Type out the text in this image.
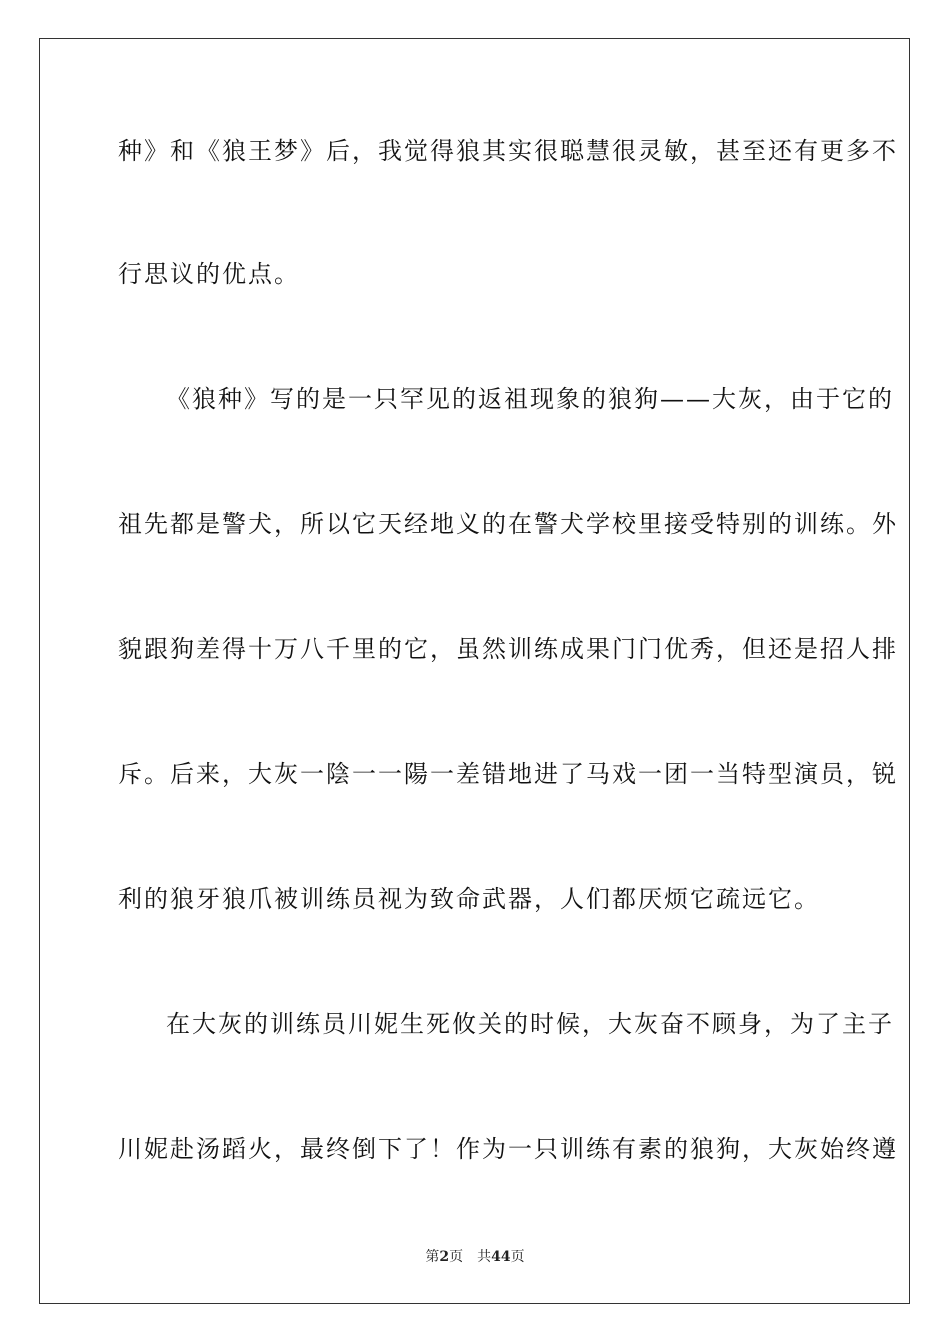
种》和《狼王梦》后，我觉得狼其实很聪慧很灵敏，甚至还有更多不
行思议的优点。
《狼种》写的是一只罕见的返祖现象的狼狗——大灰，由于它的
祖先都是警犬，所以它天经地义的在警犬学校里接受特别的训练。外
貌跟狗差得十万八千里的它，虽然训练成果门门优秀，但还是招人排
斥。后来，大灰一陰一一陽一差错地进了马戏一团一当特型演员，锐
利的狼牙狼爪被训练员视为致命武器，人们都厌烦它疏远它。
在大灰的训练员川妮生死攸关的时候，大灰奋不顾身，为了主子
川妮赴汤蹈火，最终倒下了！作为一只训练有素的狼狗，大灰始终遵
第2页 共44页
